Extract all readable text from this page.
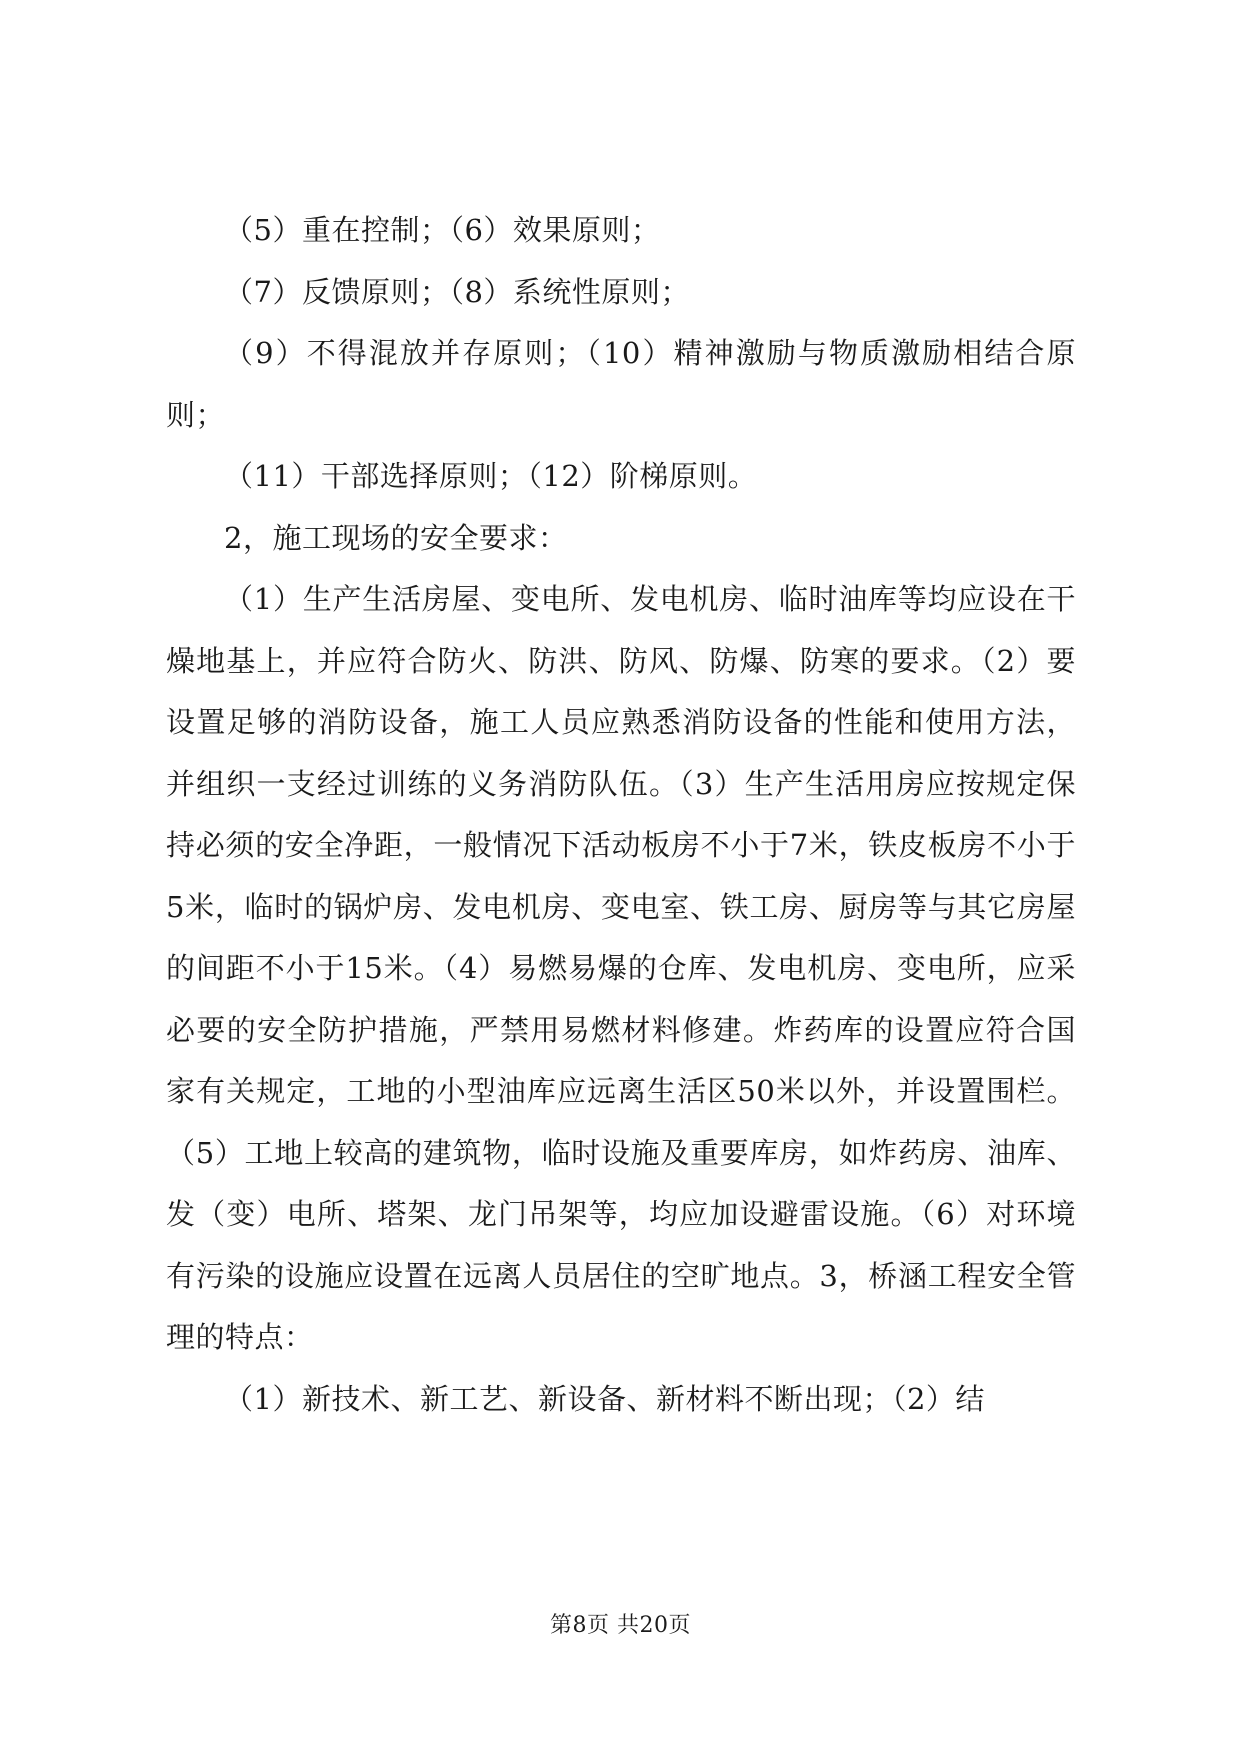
（5）重在控制；（6）效果原则；

（7）反馈原则；（8）系统性原则；

（9）不得混放并存原则；（10）精神激励与物质激励相结合原则；

（11）干部选择原则；（12）阶梯原则。

2，施工现场的安全要求：

（1）生产生活房屋、变电所、发电机房、临时油库等均应设在干燥地基上，并应符合防火、防洪、防风、防爆、防寒的要求。（2）要设置足够的消防设备，施工人员应熟悉消防设备的性能和使用方法，并组织一支经过训练的义务消防队伍。（3）生产生活用房应按规定保持必须的安全净距，一般情况下活动板房不小于7米，铁皮板房不小于5米，临时的锅炉房、发电机房、变电室、铁工房、厨房等与其它房屋的间距不小于15米。（4）易燃易爆的仓库、发电机房、变电所，应采必要的安全防护措施，严禁用易燃材料修建。炸药库的设置应符合国家有关规定，工地的小型油库应远离生活区50米以外，并设置围栏。（5）工地上较高的建筑物，临时设施及重要库房，如炸药房、油库、发（变）电所、塔架、龙门吊架等，均应加设避雷设施。（6）对环境有污染的设施应设置在远离人员居住的空旷地点。3，桥涵工程安全管理的特点：

（1）新技术、新工艺、新设备、新材料不断出现；（2）结

第8页 共20页
